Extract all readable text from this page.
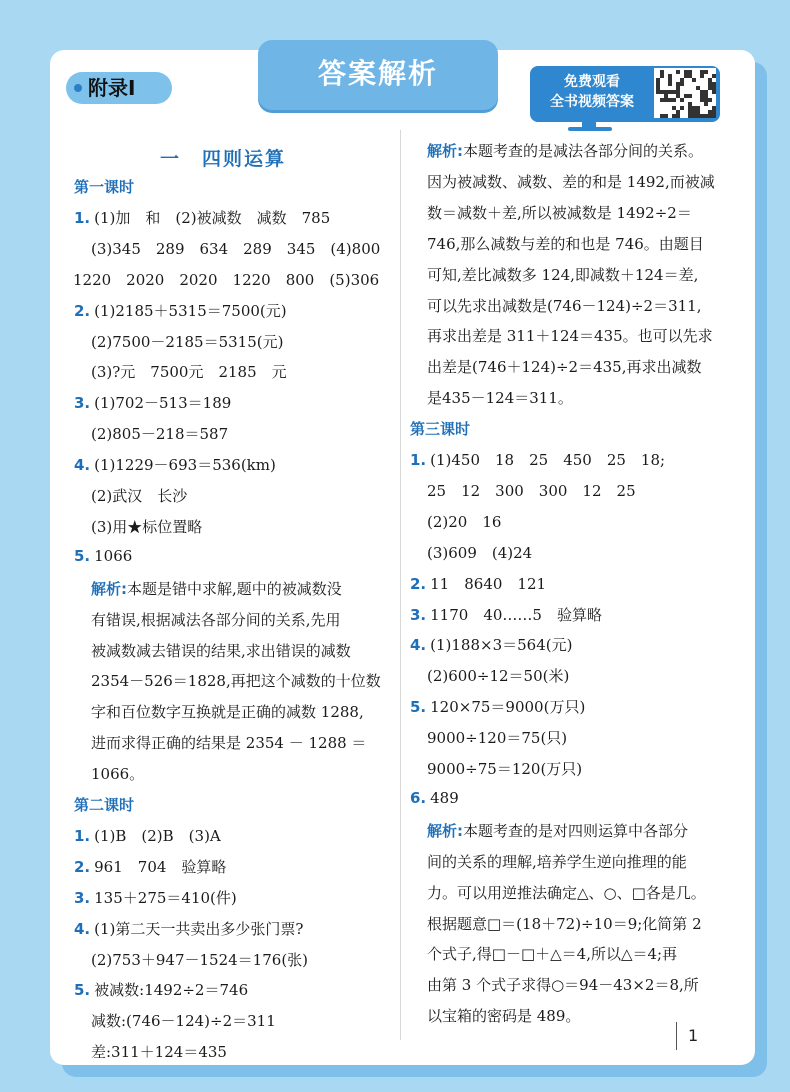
答案解析
附录Ⅰ	免费观看
全书视频答案
一　四则运算
第一课时
1. (1)加　和　(2)被减数　减数　785
(3)345　289　634　289　345　(4)800
1220　2020　2020　1220　800　(5)306
2. (1)2185＋5315＝7500(元)
(2)7500－2185＝5315(元)
(3)?元　7500元　2185　元
3. (1)702－513＝189
(2)805－218＝587
4. (1)1229－693＝536(km)
(2)武汉　长沙
(3)用★标位置略
5. 1066
解析:本题是错中求解,题中的被减数没
有错误,根据减法各部分间的关系,先用
被减数减去错误的结果,求出错误的减数
2354－526＝1828,再把这个减数的十位数
字和百位数字互换就是正确的减数 1288,
进而求得正确的结果是 2354 － 1288 ＝
1066。
第二课时
1. (1)B　(2)B　(3)A
2. 961　704　验算略
3. 135＋275＝410(件)
4. (1)第二天一共卖出多少张门票?
(2)753＋947－1524＝176(张)
5. 被减数:1492÷2＝746
减数:(746－124)÷2＝311
差:311＋124＝435
解析:本题考查的是减法各部分间的关系。
因为被减数、减数、差的和是 1492,而被减
数＝减数＋差,所以被减数是 1492÷2＝
746,那么减数与差的和也是 746。由题目
可知,差比减数多 124,即减数＋124＝差,
可以先求出减数是(746－124)÷2＝311,
再求出差是 311＋124＝435。也可以先求
出差是(746＋124)÷2＝435,再求出减数
是435－124＝311。
第三课时
1. (1)450　18　25　450　25　18;
25　12　300　300　12　25
(2)20　16
(3)609　(4)24
2. 11　8640　121
3. 1170　40……5　验算略
4. (1)188×3＝564(元)
(2)600÷12＝50(米)
5. 120×75＝9000(万只)
9000÷120＝75(只)
9000÷75＝120(万只)
6. 489
解析:本题考查的是对四则运算中各部分
间的关系的理解,培养学生逆向推理的能
力。可以用逆推法确定△、○、□各是几。
根据题意□＝(18＋72)÷10＝9;化简第 2
个式子,得□－□＋△＝4,所以△＝4;再
由第 3 个式子求得○＝94－43×2＝8,所
以宝箱的密码是 489。
1
